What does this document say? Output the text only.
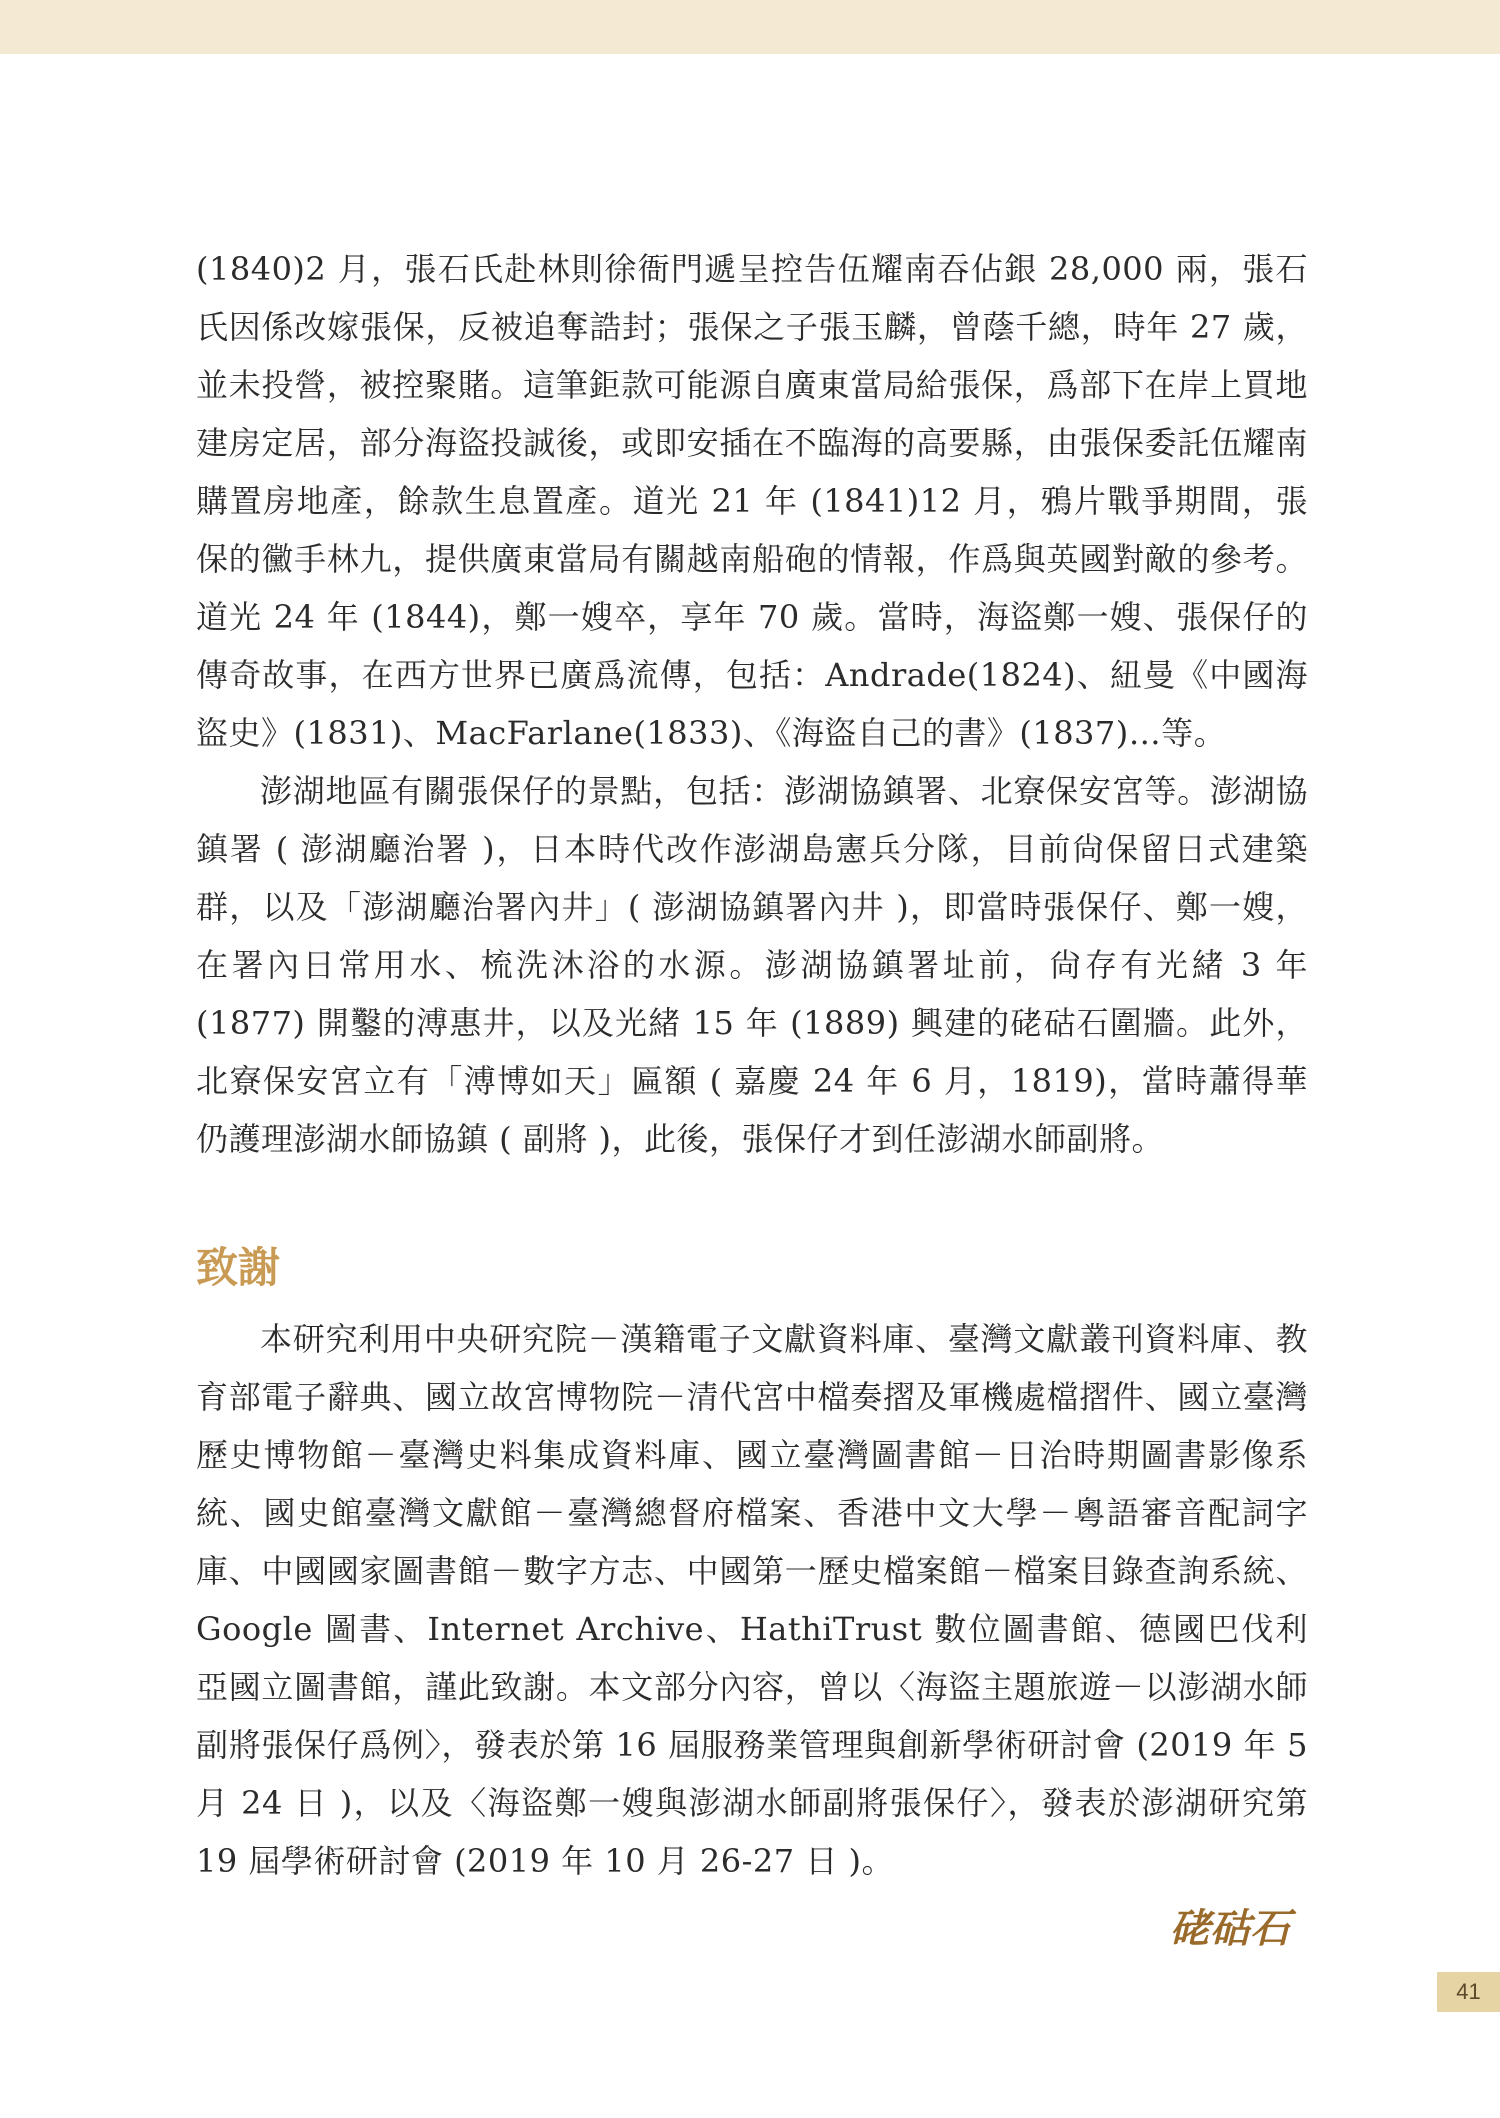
(1840)2 月，張石氏赴林則徐衙門遞呈控告伍耀南吞佔銀 28,000 兩，張石氏因係改嫁張保，反被追奪誥封；張保之子張玉麟，曾蔭千總，時年 27 歲，並未投營，被控聚賭。這筆鉅款可能源自廣東當局給張保，爲部下在岸上買地建房定居，部分海盜投誠後，或即安插在不臨海的高要縣，由張保委託伍耀南購置房地產，餘款生息置產。道光 21 年 (1841)12 月，鴉片戰爭期間，張保的黴手林九，提供廣東當局有關越南船砲的情報，作爲與英國對敵的參考。道光 24 年 (1844)，鄭一嫂卒，享年 70 歲。當時，海盜鄭一嫂、張保仔的傳奇故事，在西方世界已廣爲流傳，包括：Andrade(1824)、紐曼《中國海盜史》(1831)、MacFarlane(1833)、《海盜自己的書》(1837)…等。

澎湖地區有關張保仔的景點，包括：澎湖協鎮署、北寮保安宮等。澎湖協鎮署 ( 澎湖廳治署 )，日本時代改作澎湖島憲兵分隊，目前尙保留日式建築群，以及「澎湖廳治署內井」( 澎湖協鎮署內井 )，即當時張保仔、鄭一嫂，在署內日常用水、梳洗沐浴的水源。澎湖協鎮署址前，尙存有光緒 3 年 (1877) 開鑿的溥惠井，以及光緒 15 年 (1889) 興建的硓𥑮石圍牆。此外，北寮保安宮立有「溥博如天」匾額 ( 嘉慶 24 年 6 月，1819)，當時蕭得華仍護理澎湖水師協鎮 ( 副將 )，此後，張保仔才到任澎湖水師副將。

致謝

本研究利用中央研究院－漢籍電子文獻資料庫、臺灣文獻叢刊資料庫、教育部電子辭典、國立故宮博物院－清代宮中檔奏摺及軍機處檔摺件、國立臺灣歷史博物館－臺灣史料集成資料庫、國立臺灣圖書館－日治時期圖書影像系統、國史館臺灣文獻館－臺灣總督府檔案、香港中文大學－粵語審音配詞字庫、中國國家圖書館－數字方志、中國第一歷史檔案館－檔案目錄查詢系統、Google 圖書、Internet Archive、HathiTrust 數位圖書館、德國巴伐利亞國立圖書館，謹此致謝。本文部分內容，曾以〈海盜主題旅遊－以澎湖水師副將張保仔爲例〉，發表於第 16 屆服務業管理與創新學術研討會 (2019 年 5 月 24 日 )，以及〈海盜鄭一嫂與澎湖水師副將張保仔〉，發表於澎湖研究第 19 屆學術研討會 (2019 年 10 月 26-27 日 )。

硓𥑮石
41
